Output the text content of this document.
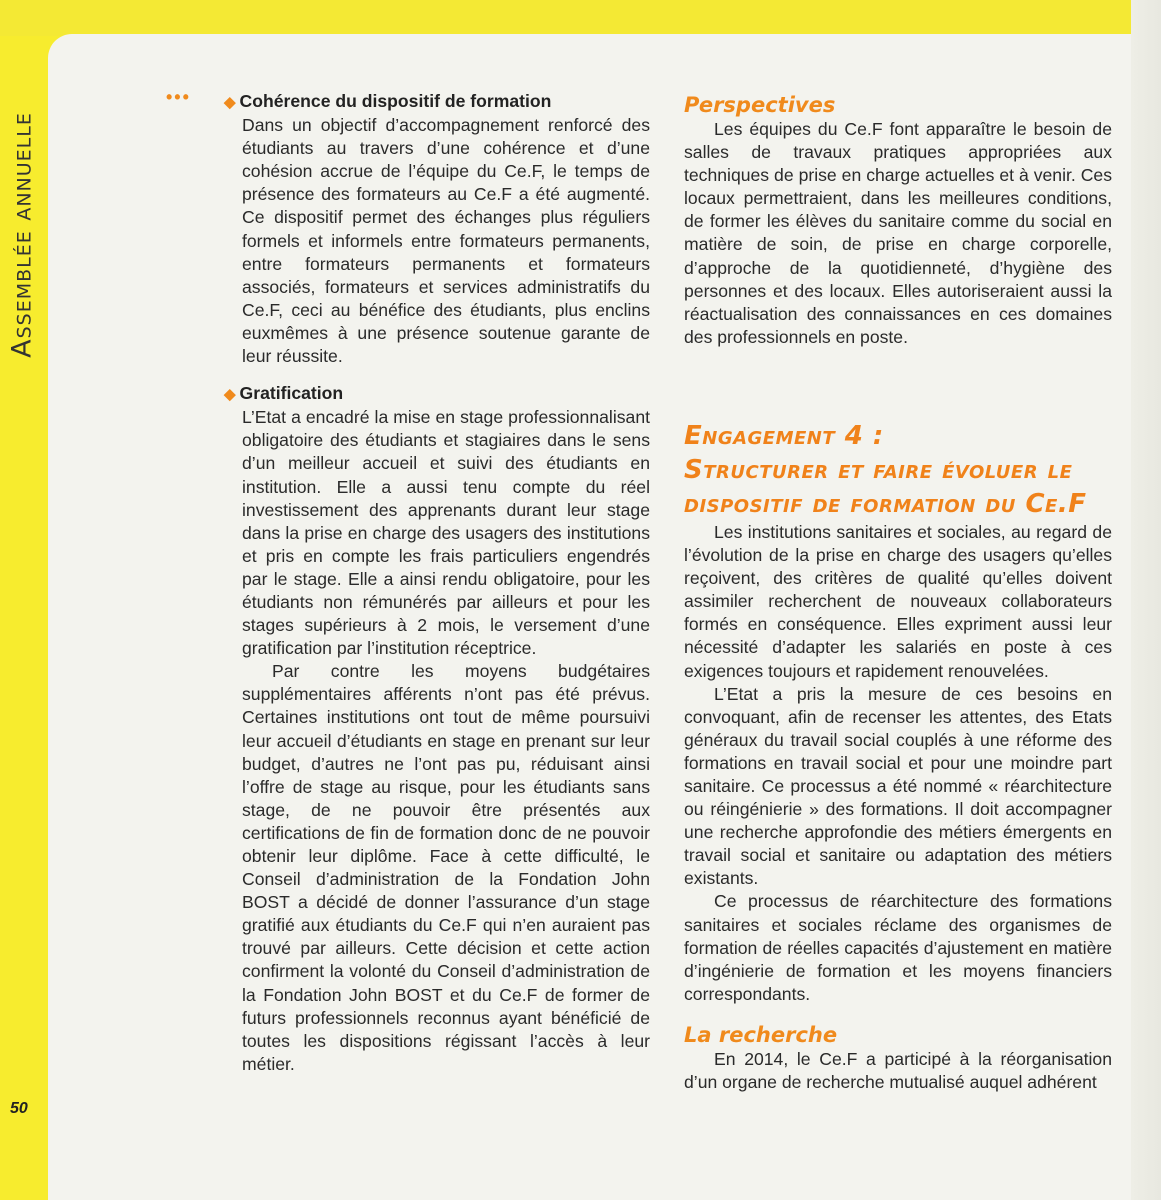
Assemblée annuelle
50
••• ◆ Cohérence du dispositif de formation

Dans un objectif d’accompagnement renforcé des étudiants au travers d’une cohérence et d’une cohésion accrue de l’équipe du Ce.F, le temps de présence des formateurs au Ce.F a été augmenté. Ce dispositif permet des échanges plus réguliers formels et informels entre formateurs permanents, entre formateurs permanents et formateurs associés, formateurs et services administratifs du Ce.F, ceci au bénéfice des étudiants, plus enclins euxmêmes à une présence soutenue garante de leur réussite.

◆ Gratification

L’Etat a encadré la mise en stage professionnalisant obligatoire des étudiants et stagiaires dans le sens d’un meilleur accueil et suivi des étudiants en institution. Elle a aussi tenu compte du réel investissement des apprenants durant leur stage dans la prise en charge des usagers des institutions et pris en compte les frais particuliers engendrés par le stage. Elle a ainsi rendu obligatoire, pour les étudiants non rémunérés par ailleurs et pour les stages supérieurs à 2 mois, le versement d’une gratification par l’institution réceptrice.

Par contre les moyens budgétaires supplémentaires afférents n’ont pas été prévus. Certaines institutions ont tout de même poursuivi leur accueil d’étudiants en stage en prenant sur leur budget, d’autres ne l’ont pas pu, réduisant ainsi l’offre de stage au risque, pour les étudiants sans stage, de ne pouvoir être présentés aux certifications de fin de formation donc de ne pouvoir obtenir leur diplôme. Face à cette difficulté, le Conseil d’administration de la Fondation John BOST a décidé de donner l’assurance d’un stage gratifié aux étudiants du Ce.F qui n’en auraient pas trouvé par ailleurs. Cette décision et cette action confirment la volonté du Conseil d’administration de la Fondation John BOST et du Ce.F de former de futurs professionnels reconnus ayant bénéficié de toutes les dispositions régissant l’accès à leur métier.

Perspectives

Les équipes du Ce.F font apparaître le besoin de salles de travaux pratiques appropriées aux techniques de prise en charge actuelles et à venir. Ces locaux permettraient, dans les meilleures conditions, de former les élèves du sanitaire comme du social en matière de soin, de prise en charge corporelle, d’approche de la quotidienneté, d’hygiène des personnes et des locaux. Elles autoriseraient aussi la réactualisation des connaissances en ces domaines des professionnels en poste.

Engagement 4 :

Structurer et faire évoluer le

dispositif de formation du Ce.F

Les institutions sanitaires et sociales, au regard de l’évolution de la prise en charge des usagers qu’elles reçoivent, des critères de qualité qu’elles doivent assimiler recherchent de nouveaux collaborateurs formés en conséquence. Elles expriment aussi leur nécessité d’adapter les salariés en poste à ces exigences toujours et rapidement renouvelées.

L’Etat a pris la mesure de ces besoins en convoquant, afin de recenser les attentes, des Etats généraux du travail social couplés à une réforme des formations en travail social et pour une moindre part sanitaire. Ce processus a été nommé « réarchitecture ou réingénierie » des formations. Il doit accompagner une recherche approfondie des métiers émergents en travail social et sanitaire ou adaptation des métiers existants.

Ce processus de réarchitecture des formations sanitaires et sociales réclame des organismes de formation de réelles capacités d’ajustement en matière d’ingénierie de formation et les moyens financiers correspondants.

La recherche

En 2014, le Ce.F a participé à la réorganisation d’un organe de recherche mutualisé auquel adhérent
